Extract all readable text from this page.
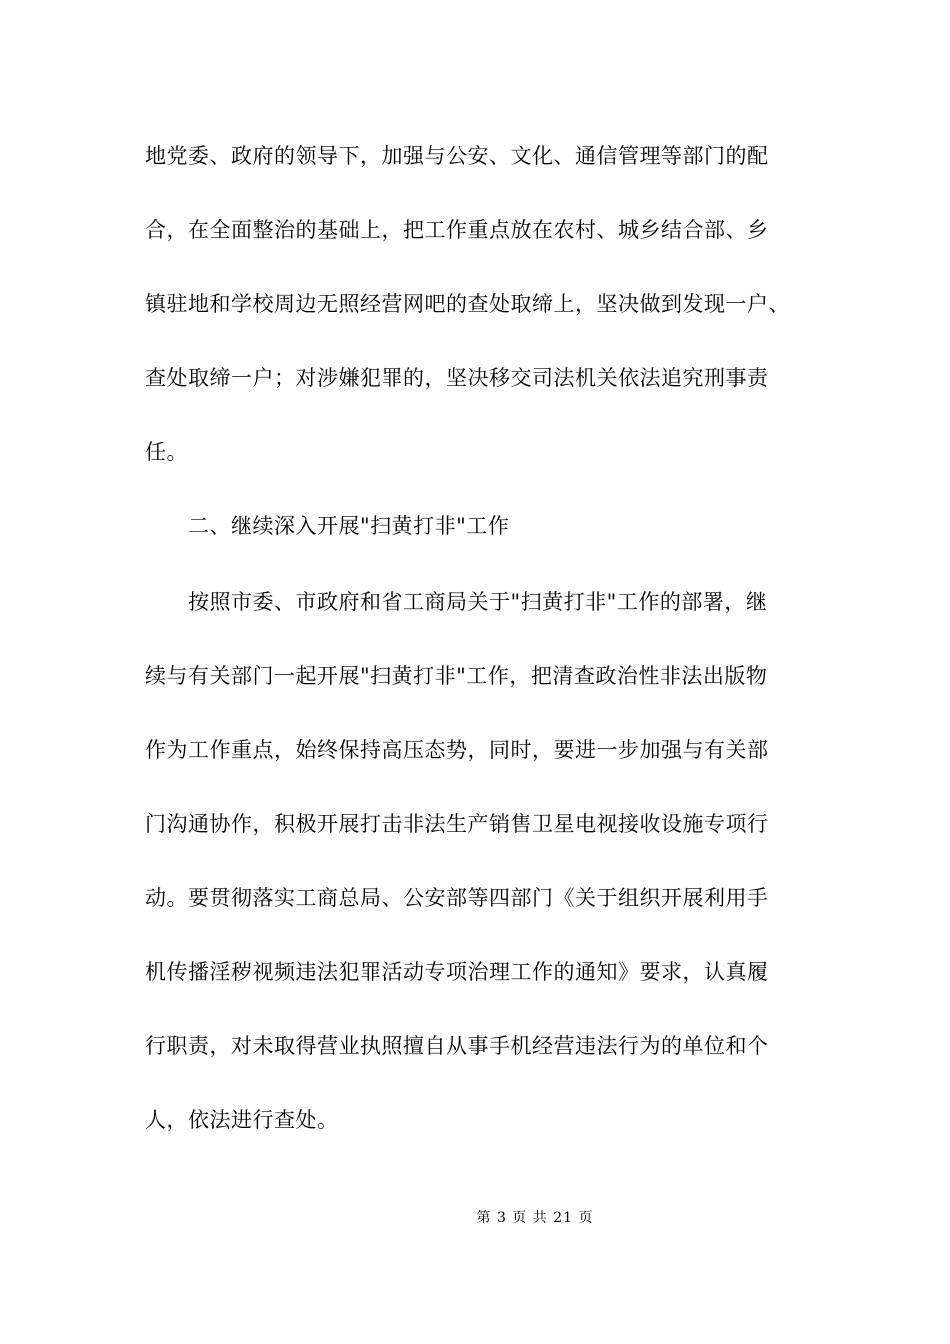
地党委、政府的领导下，加强与公安、文化、通信管理等部门的配
合，在全面整治的基础上，把工作重点放在农村、城乡结合部、乡
镇驻地和学校周边无照经营网吧的查处取缔上，坚决做到发现一户、
查处取缔一户；对涉嫌犯罪的，坚决移交司法机关依法追究刑事责
任。
　　二、继续深入开展"扫黄打非"工作
　　按照市委、市政府和省工商局关于"扫黄打非"工作的部署，继
续与有关部门一起开展"扫黄打非"工作，把清查政治性非法出版物
作为工作重点，始终保持高压态势，同时，要进一步加强与有关部
门沟通协作，积极开展打击非法生产销售卫星电视接收设施专项行
动。要贯彻落实工商总局、公安部等四部门《关于组织开展利用手
机传播淫秽视频违法犯罪活动专项治理工作的通知》要求，认真履
行职责，对未取得营业执照擅自从事手机经营违法行为的单位和个
人，依法进行查处。
第 3 页 共 21 页
